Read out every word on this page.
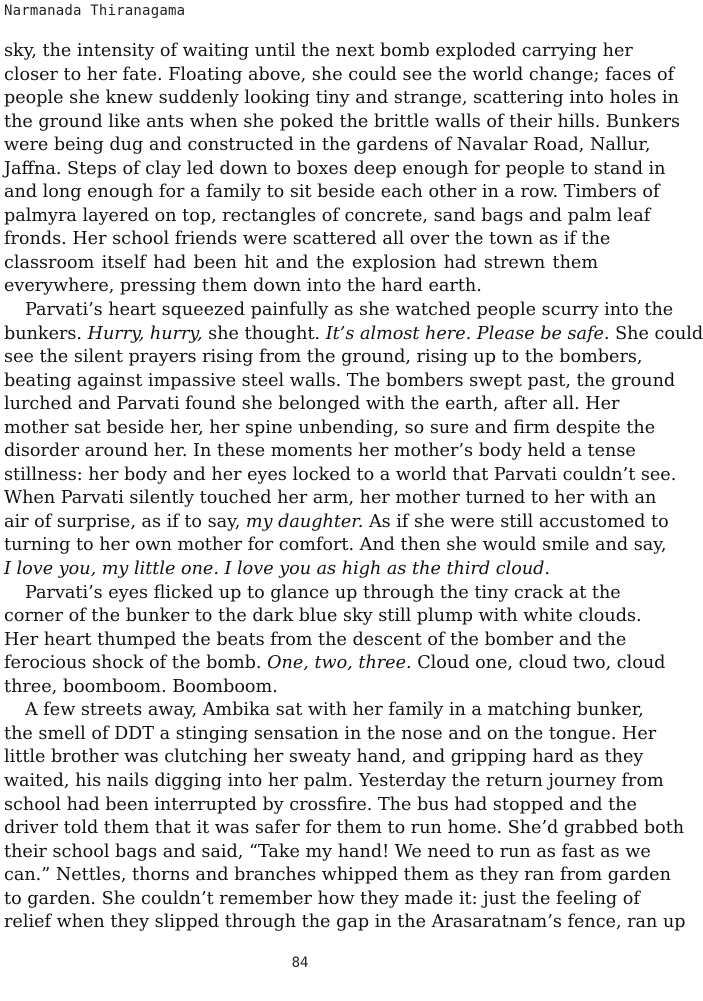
Narmanada Thiranagama
sky, the intensity of waiting until the next bomb exploded carrying her
closer to her fate. Floating above, she could see the world change; faces of
people she knew suddenly looking tiny and strange, scattering into holes in
the ground like ants when she poked the brittle walls of their hills. Bunkers
were being dug and constructed in the gardens of Navalar Road, Nallur,
Jaffna. Steps of clay led down to boxes deep enough for people to stand in
and long enough for a family to sit beside each other in a row. Timbers of
palmyra layered on top, rectangles of concrete, sand bags and palm leaf
fronds. Her school friends were scattered all over the town as if the
classroom itself had been hit and the explosion had strewn them
everywhere, pressing them down into the hard earth.
Parvati’s heart squeezed painfully as she watched people scurry into the
bunkers. Hurry, hurry, she thought. It’s almost here. Please be safe. She could
see the silent prayers rising from the ground, rising up to the bombers,
beating against impassive steel walls. The bombers swept past, the ground
lurched and Parvati found she belonged with the earth, after all. Her
mother sat beside her, her spine unbending, so sure and firm despite the
disorder around her. In these moments her mother’s body held a tense
stillness: her body and her eyes locked to a world that Parvati couldn’t see.
When Parvati silently touched her arm, her mother turned to her with an
air of surprise, as if to say, my daughter. As if she were still accustomed to
turning to her own mother for comfort. And then she would smile and say,
I love you, my little one. I love you as high as the third cloud.
Parvati’s eyes flicked up to glance up through the tiny crack at the
corner of the bunker to the dark blue sky still plump with white clouds.
Her heart thumped the beats from the descent of the bomber and the
ferocious shock of the bomb. One, two, three. Cloud one, cloud two, cloud
three, boomboom. Boomboom.
A few streets away, Ambika sat with her family in a matching bunker,
the smell of DDT a stinging sensation in the nose and on the tongue. Her
little brother was clutching her sweaty hand, and gripping hard as they
waited, his nails digging into her palm. Yesterday the return journey from
school had been interrupted by crossfire. The bus had stopped and the
driver told them that it was safer for them to run home. She’d grabbed both
their school bags and said, “Take my hand! We need to run as fast as we
can.” Nettles, thorns and branches whipped them as they ran from garden
to garden. She couldn’t remember how they made it: just the feeling of
relief when they slipped through the gap in the Arasaratnam’s fence, ran up
84
